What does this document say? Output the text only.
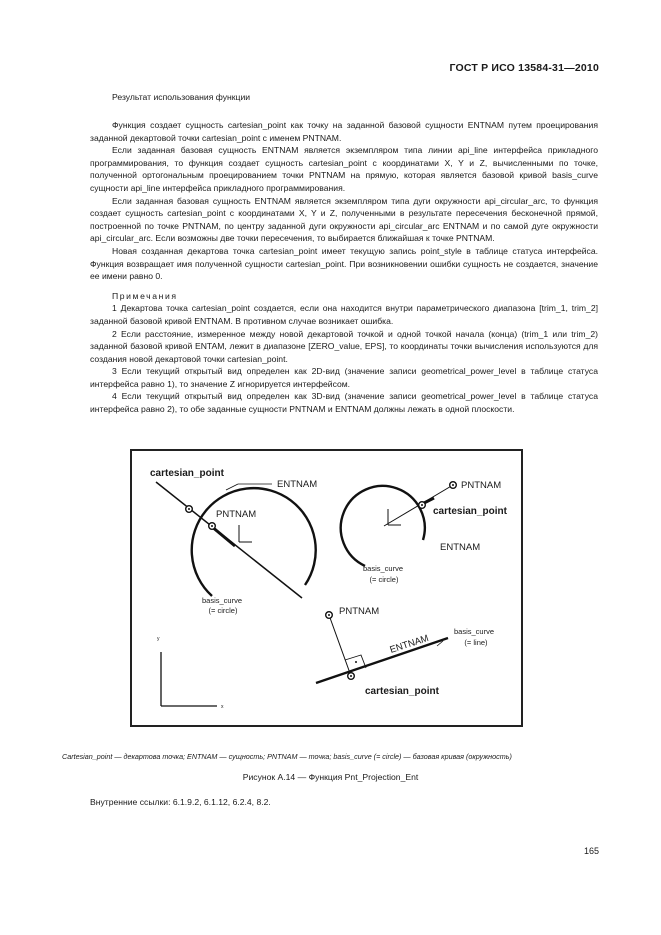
ГОСТ Р ИСО 13584-31—2010
Результат использования функции

Функция создает сущность cartesian_point как точку на заданной базовой сущности ENTNAM путем проецирования заданной декартовой точки cartesian_point с именем PNTNAM.

Если заданная базовая сущность ENTNAM является экземпляром типа линии api_line интерфейса прикладного программирования, то функция создает сущность cartesian_point с координатами X, Y и Z, вычисленными по точке, полученной ортогональным проецированием точки PNTNAM на прямую, которая является базовой кривой basis_curve сущности api_line интерфейса прикладного программирования.

Если заданная базовая сущность ENTNAM является экземпляром типа дуги окружности api_circular_arc, то функция создает сущность cartesian_point с координатами X, Y и Z, полученными в результате пересечения бесконечной прямой, построенной по точке PNTNAM, по центру заданной дуги окружности api_circular_arc ENTNAM и по самой дуге окружности api_circular_arc. Если возможны две точки пересечения, то выбирается ближайшая к точке PNTNAM.

Новая созданная декартова точка cartesian_point имеет текущую запись point_style в таблице статуса интерфейса. Функция возвращает имя полученной сущности cartesian_point. При возникновении ошибки сущность не создается, значение ее имени равно 0.

Примечания

1 Декартова точка cartesian_point создается, если она находится внутри параметрического диапазона [trim_1, trim_2] заданной базовой кривой ENTNAM. В противном случае возникает ошибка.

2 Если расстояние, измеренное между новой декартовой точкой и одной точкой начала (конца) (trim_1 или trim_2) заданной базовой кривой ENTAM, лежит в диапазоне [ZERO_value, EPS], то координаты точки вычисления используются для создания новой декартовой точки cartesian_point.

3 Если текущий открытый вид определен как 2D-вид (значение записи geometrical_power_level в таблице статуса интерфейса равно 1), то значение Z игнорируется интерфейсом.

4 Если текущий открытый вид определен как 3D-вид (значение записи geometrical_power_level в таблице статуса интерфейса равно 2), то обе заданные сущности PNTNAM и ENTNAM должны лежать в одной плоскости.

y
x
cartesian_point
ENTNAM
PNTNAM
basis_curve
(= circle)
PNTNAM
cartesian_point
ENTNAM
basis_curve
(= circle)
PNTNAM
ENTNAM
basis_curve
(= line)
cartesian_point
Cartesian_point — декартова точка; ENTNAM — сущность; PNTNAM — точка; basis_curve (= circle) — базовая кривая (окружность)
Рисунок А.14 — Функция Pnt_Projection_Ent
Внутренние ссылки: 6.1.9.2, 6.1.12, 6.2.4, 8.2.
165
